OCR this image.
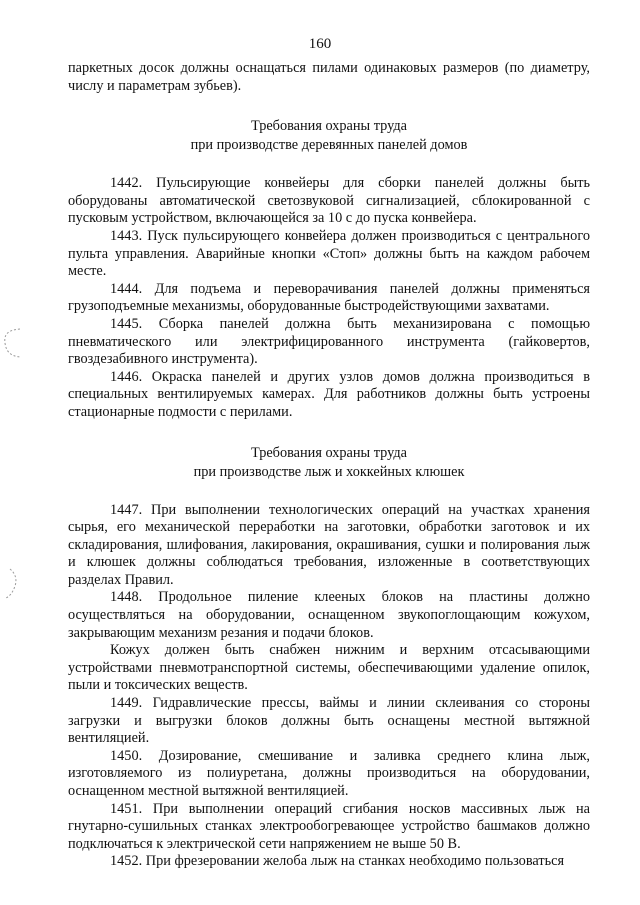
160

паркетных досок должны оснащаться пилами одинаковых размеров (по диаметру, числу и параметрам зубьев).

Требования охраны труда
при производстве деревянных панелей домов

1442. Пульсирующие конвейеры для сборки панелей должны быть оборудованы автоматической светозвуковой сигнализацией, сблокированной с пусковым устройством, включающейся за 10 с до пуска конвейера.

1443. Пуск пульсирующего конвейера должен производиться с центрального пульта управления. Аварийные кнопки «Стоп» должны быть на каждом рабочем месте.

1444. Для подъема и переворачивания панелей должны применяться грузоподъемные механизмы, оборудованные быстродействующими захватами.

1445. Сборка панелей должна быть механизирована с помощью пневматического или электрифицированного инструмента (гайковертов, гвоздезабивного инструмента).

1446. Окраска панелей и других узлов домов должна производиться в специальных вентилируемых камерах. Для работников должны быть устроены стационарные подмости с перилами.

Требования охраны труда
при производстве лыж и хоккейных клюшек

1447. При выполнении технологических операций на участках хранения сырья, его механической переработки на заготовки, обработки заготовок и их складирования, шлифования, лакирования, окрашивания, сушки и полирования лыж и клюшек должны соблюдаться требования, изложенные в соответствующих разделах Правил.

1448. Продольное пиление клееных блоков на пластины должно осуществляться на оборудовании, оснащенном звукопоглощающим кожухом, закрывающим механизм резания и подачи блоков.

Кожух должен быть снабжен нижним и верхним отсасывающими устройствами пневмотранспортной системы, обеспечивающими удаление опилок, пыли и токсических веществ.

1449. Гидравлические прессы, ваймы и линии склеивания со стороны загрузки и выгрузки блоков должны быть оснащены местной вытяжной вентиляцией.

1450. Дозирование, смешивание и заливка среднего клина лыж, изготовляемого из полиуретана, должны производиться на оборудовании, оснащенном местной вытяжной вентиляцией.

1451. При выполнении операций сгибания носков массивных лыж на гнутарно-сушильных станках электрообогревающее устройство башмаков должно подключаться к электрической сети напряжением не выше 50 В.

1452. При фрезеровании желоба лыж на станках необходимо пользоваться
